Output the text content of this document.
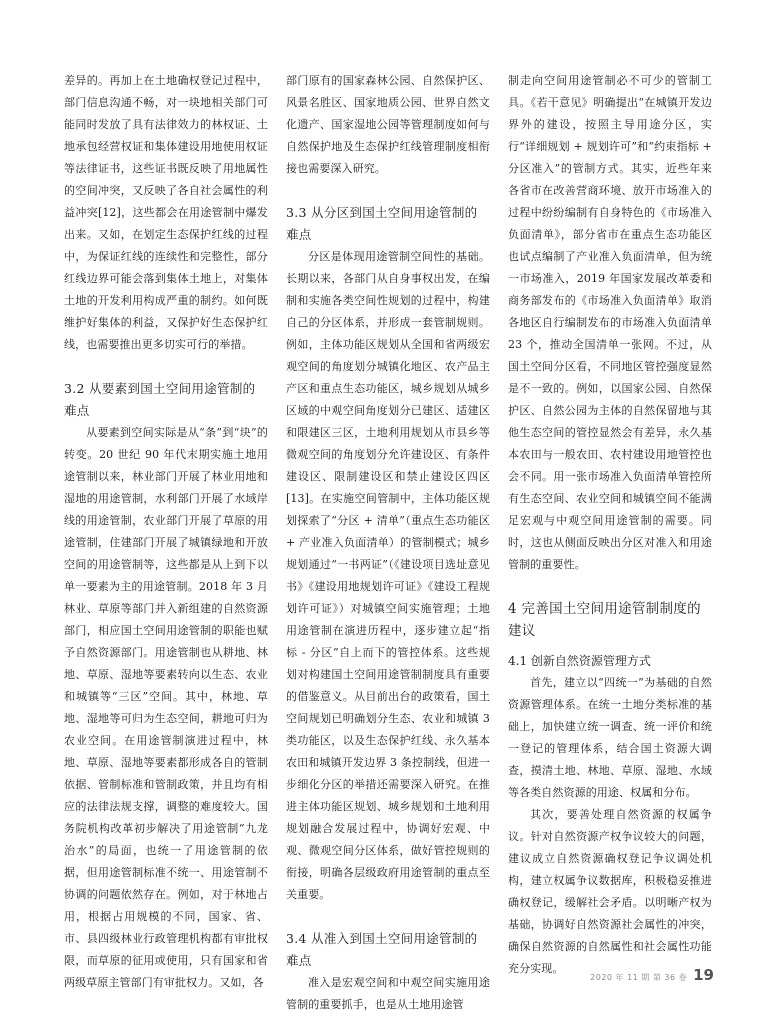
差异的。再加上在土地确权登记过程中，部门信息沟通不畅，对一块地相关部门可能同时发放了具有法律效力的林权证、土地承包经营权证和集体建设用地使用权证等法律证书，这些证书既反映了用地属性的空间冲突，又反映了各自社会属性的利益冲突[12]，这些都会在用途管制中爆发出来。又如，在划定生态保护红线的过程中，为保证红线的连续性和完整性，部分红线边界可能会落到集体土地上，对集体土地的开发利用构成严重的制约。如何既维护好集体的利益，又保护好生态保护红线，也需要推出更多切实可行的举措。

3.2 从要素到国土空间用途管制的难点

从要素到空间实际是从“条”到“块”的转变。20 世纪 90 年代末期实施土地用途管制以来，林业部门开展了林业用地和湿地的用途管制，水利部门开展了水域岸线的用途管制，农业部门开展了草原的用途管制，住建部门开展了城镇绿地和开放空间的用途管制等，这些都是从上到下以单一要素为主的用途管制。2018 年 3 月林业、草原等部门并入新组建的自然资源部门，相应国土空间用途管制的职能也赋予自然资源部门。用途管制也从耕地、林地、草原、湿地等要素转向以生态、农业和城镇等“三区”空间。其中，林地、草地、湿地等可归为生态空间，耕地可归为农业空间。在用途管制演进过程中，林地、草原、湿地等要素都形成各自的管制依据、管制标准和管制政策，并且均有相应的法律法规支撑，调整的难度较大。国务院机构改革初步解决了用途管制“九龙治水”的局面，也统一了用途管制的依据，但用途管制标准不统一、用途管制不协调的问题依然存在。例如，对于林地占用，根据占用规模的不同，国家、省、市、县四级林业行政管理机构都有审批权限，而草原的征用或使用，只有国家和省两级草原主管部门有审批权力。又如，各

部门原有的国家森林公园、自然保护区、风景名胜区、国家地质公园、世界自然文化遗产、国家湿地公园等管理制度如何与自然保护地及生态保护红线管理制度相衔接也需要深入研究。

3.3 从分区到国土空间用途管制的难点

分区是体现用途管制空间性的基础。长期以来，各部门从自身事权出发，在编制和实施各类空间性规划的过程中，构建自己的分区体系，并形成一套管制规则。例如，主体功能区规划从全国和省两级宏观空间的角度划分城镇化地区、农产品主产区和重点生态功能区，城乡规划从城乡区域的中观空间角度划分已建区、适建区和限建区三区，土地利用规划从市县乡等微观空间的角度划分允许建设区、有条件建设区、限制建设区和禁止建设区四区[13]。在实施空间管制中，主体功能区规划探索了“分区 + 清单”（重点生态功能区 + 产业准入负面清单）的管制模式；城乡规划通过“一书两证”（《建设项目选址意见书》《建设用地规划许可证》《建设工程规划许可证》）对城镇空间实施管理；土地用途管制在演进历程中，逐步建立起“指标 - 分区”自上而下的管控体系。这些规划对构建国土空间用途管制制度具有重要的借鉴意义。从目前出台的政策看，国土空间规划已明确划分生态、农业和城镇 3 类功能区，以及生态保护红线、永久基本农田和城镇开发边界 3 条控制线，但进一步细化分区的举措还需要深入研究。在推进主体功能区规划、城乡规划和土地利用规划融合发展过程中，协调好宏观、中观、微观空间分区体系，做好管控规则的衔接，明确各层级政府用途管制的重点至关重要。

3.4 从准入到国土空间用途管制的难点

准入是宏观空间和中观空间实施用途管制的重要抓手，也是从土地用途管

制走向空间用途管制必不可少的管制工具。《若干意见》明确提出“在城镇开发边界外的建设，按照主导用途分区，实行“详细规划 + 规划许可”和“约束指标 + 分区准入”的管制方式。其实，近些年来各省市在改善营商环境、放开市场准入的过程中纷纷编制有自身特色的《市场准入负面清单》，部分省市在重点生态功能区也试点编制了产业准入负面清单，但为统一市场准入，2019 年国家发展改革委和商务部发布的《市场准入负面清单》取消各地区自行编制发布的市场准入负面清单 23 个，推动全国清单一张网。不过，从国土空间分区看，不同地区管控强度显然是不一致的。例如，以国家公园、自然保护区、自然公园为主体的自然保留地与其他生态空间的管控显然会有差异，永久基本农田与一般农田、农村建设用地管控也会不同。用一张市场准入负面清单管控所有生态空间、农业空间和城镇空间不能满足宏观与中观空间用途管制的需要。同时，这也从侧面反映出分区对准入和用途管制的重要性。

4 完善国土空间用途管制制度的建议
4.1 创新自然资源管理方式

首先，建立以“四统一”为基础的自然资源管理体系。在统一土地分类标准的基础上，加快建立统一调查、统一评价和统一登记的管理体系，结合国土资源大调查，摸清土地、林地、草原、湿地、水域等各类自然资源的用途、权属和分布。

其次，要善处理自然资源的权属争议。针对自然资源产权争议较大的问题，建议成立自然资源确权登记争议调处机构，建立权属争议数据库，积极稳妥推进确权登记，缓解社会矛盾。以明晰产权为基础，协调好自然资源社会属性的冲突，确保自然资源的自然属性和社会属性功能充分实现。

2020 年 11 期 第 36 卷 19
